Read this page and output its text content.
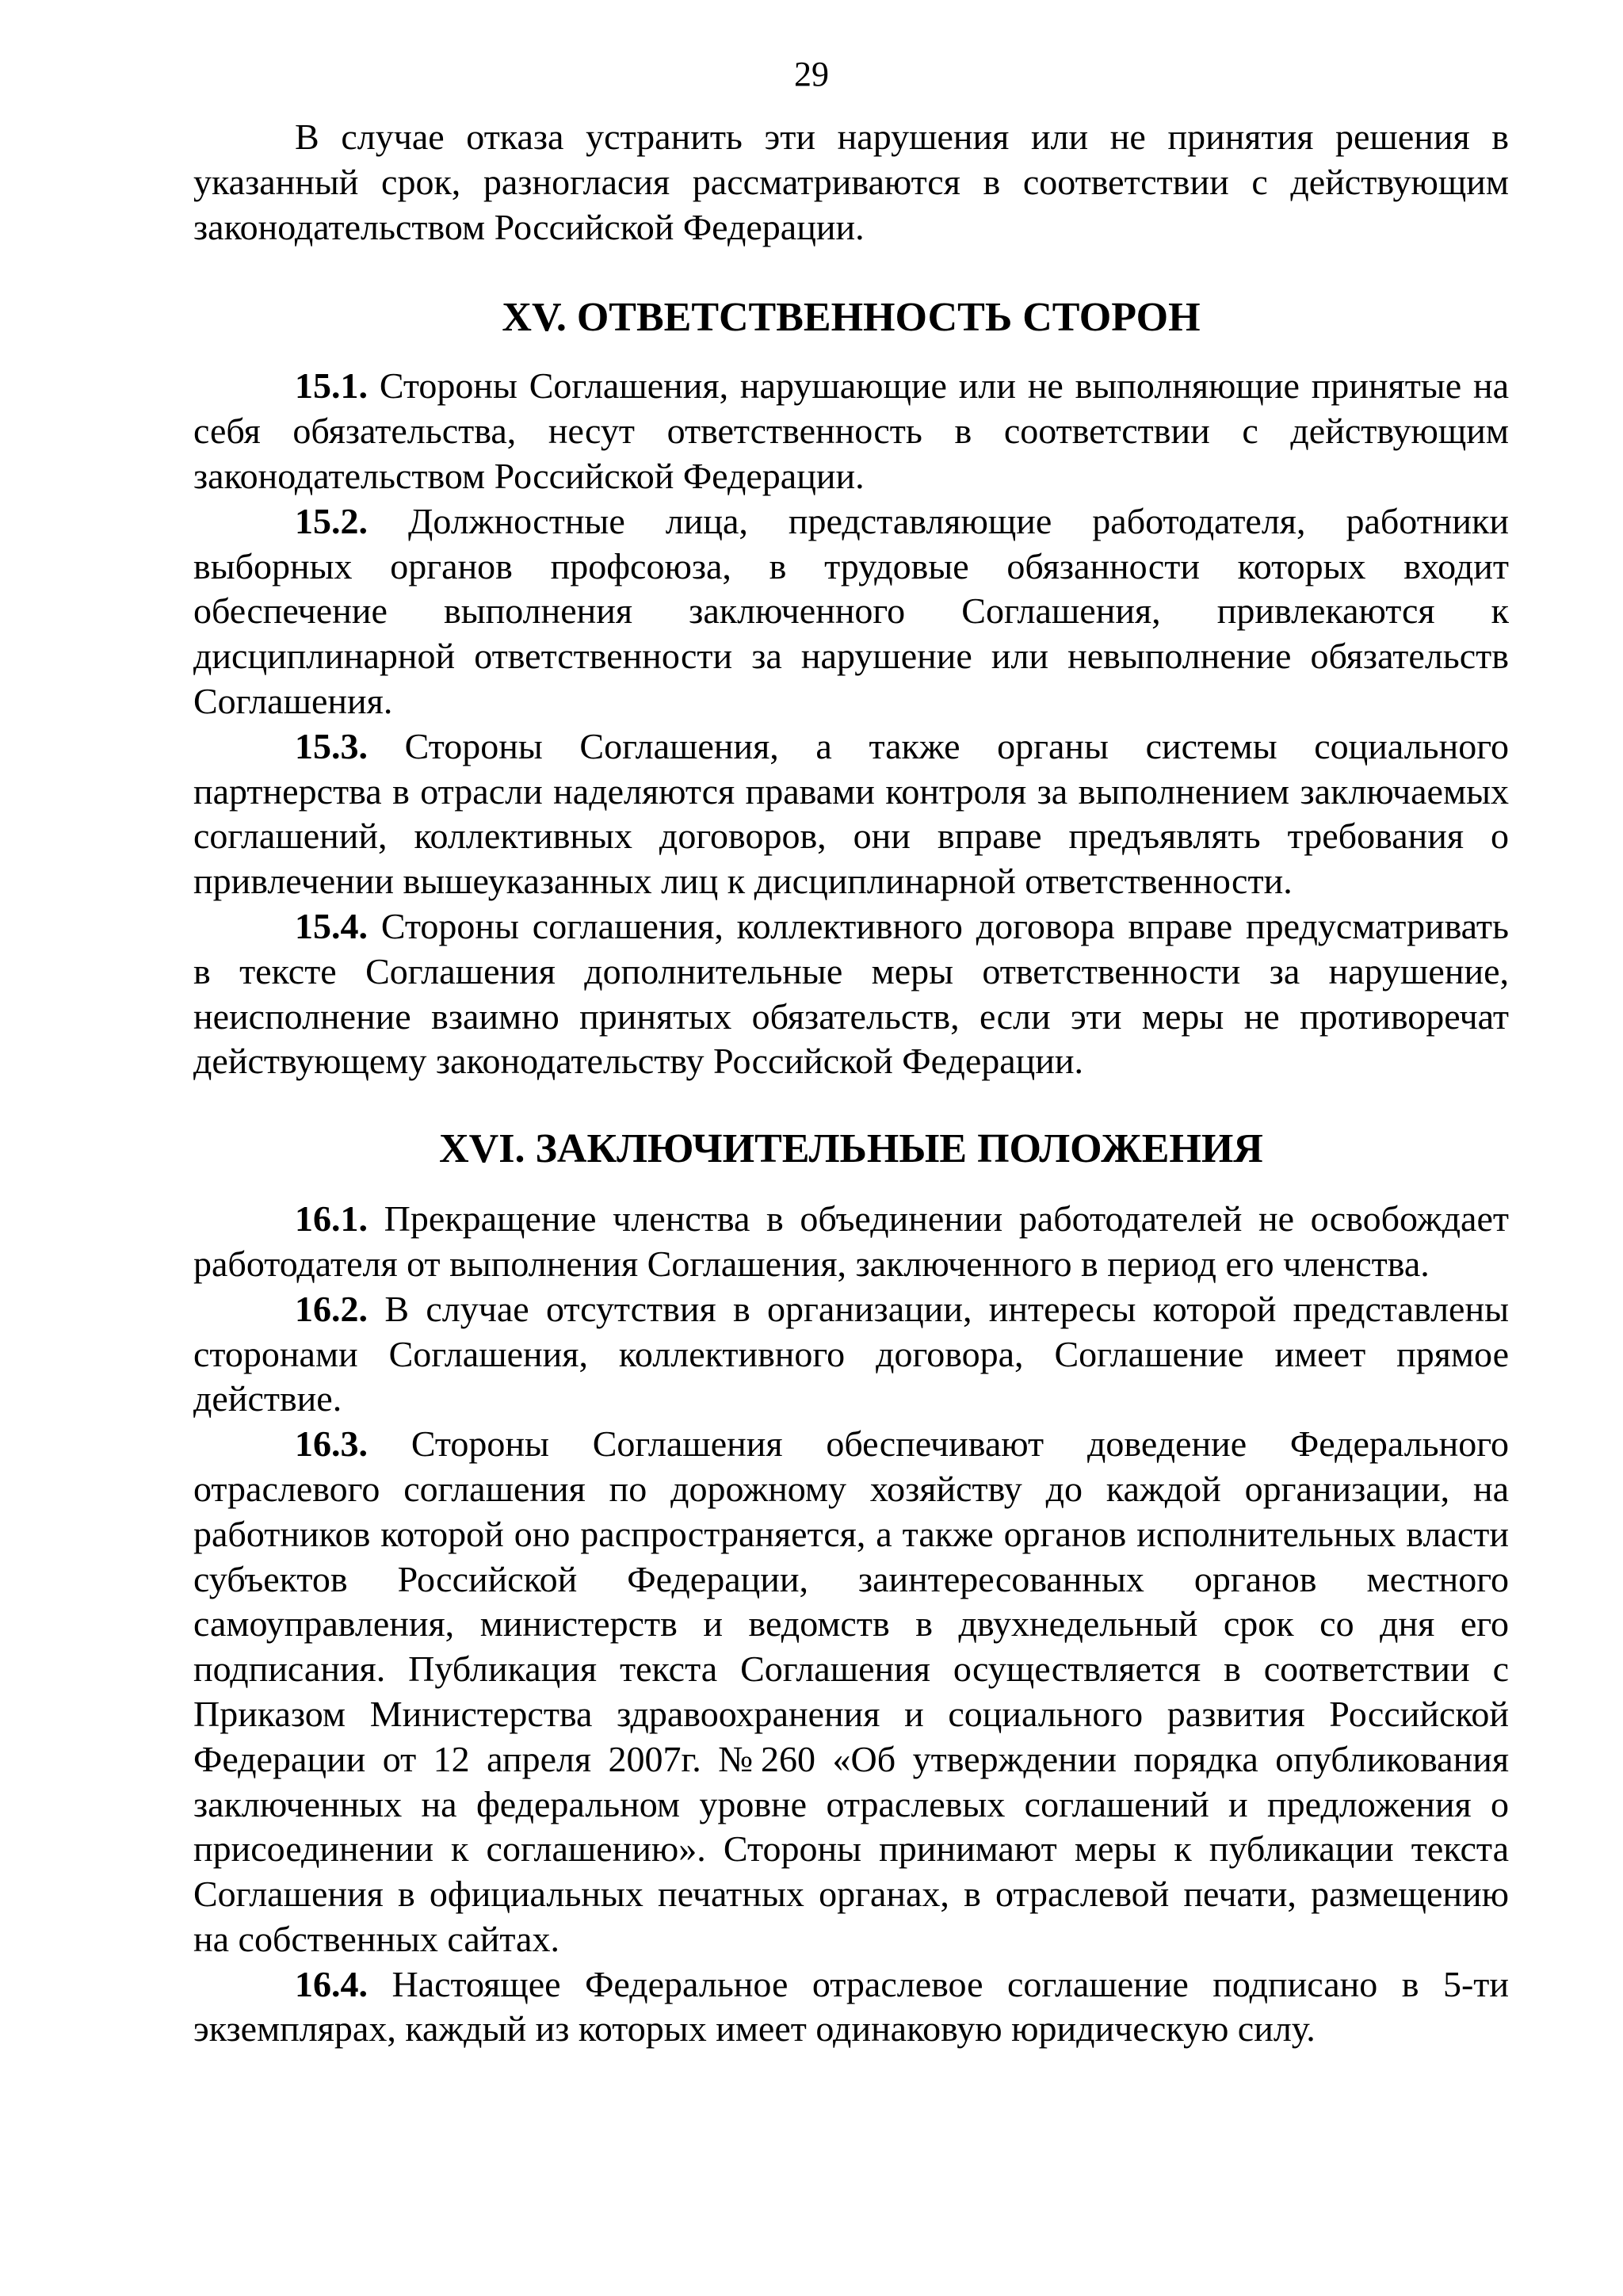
29

В случае отказа устранить эти нарушения или не принятия решения в указанный срок, разногласия рассматриваются в соответствии с действующим законодательством Российской Федерации.

XV. ОТВЕТСТВЕННОСТЬ СТОРОН

15.1. Стороны Соглашения, нарушающие или не выполняющие принятые на себя обязательства, несут ответственность в соответствии с действующим законодательством Российской Федерации.

15.2. Должностные лица, представляющие работодателя, работники выборных органов профсоюза, в трудовые обязанности которых входит обеспечение выполнения заключенного Соглашения, привлекаются к дисциплинарной ответственности за нарушение или невыполнение обязательств Соглашения.

15.3. Стороны Соглашения, а также органы системы социального партнерства в отрасли наделяются правами контроля за выполнением заключаемых соглашений, коллективных договоров, они вправе предъявлять требования о привлечении вышеуказанных лиц к дисциплинарной ответственности.

15.4. Стороны соглашения, коллективного договора вправе предусматривать в тексте Соглашения дополнительные меры ответственности за нарушение, неисполнение взаимно принятых обязательств, если эти меры не противоречат действующему законодательству Российской Федерации.

XVI. ЗАКЛЮЧИТЕЛЬНЫЕ ПОЛОЖЕНИЯ

16.1. Прекращение членства в объединении работодателей не освобождает работодателя от выполнения Соглашения, заключенного в период его членства.

16.2. В случае отсутствия в организации, интересы которой представлены сторонами Соглашения, коллективного договора, Соглашение имеет прямое действие.

16.3. Стороны Соглашения обеспечивают доведение Федерального отраслевого соглашения по дорожному хозяйству до каждой организации, на работников которой оно распространяется, а также органов исполнительных власти субъектов Российской Федерации, заинтересованных органов местного самоуправления, министерств и ведомств в двухнедельный срок со дня его подписания. Публикация текста Соглашения осуществляется в соответствии с Приказом Министерства здравоохранения и социального развития Российской Федерации от 12 апреля 2007г. №260 «Об утверждении порядка опубликования заключенных на федеральном уровне отраслевых соглашений и предложения о присоединении к соглашению». Стороны принимают меры к публикации текста Соглашения в официальных печатных органах, в отраслевой печати, размещению на собственных сайтах.

16.4. Настоящее Федеральное отраслевое соглашение подписано в 5-ти экземплярах, каждый из которых имеет одинаковую юридическую силу.
